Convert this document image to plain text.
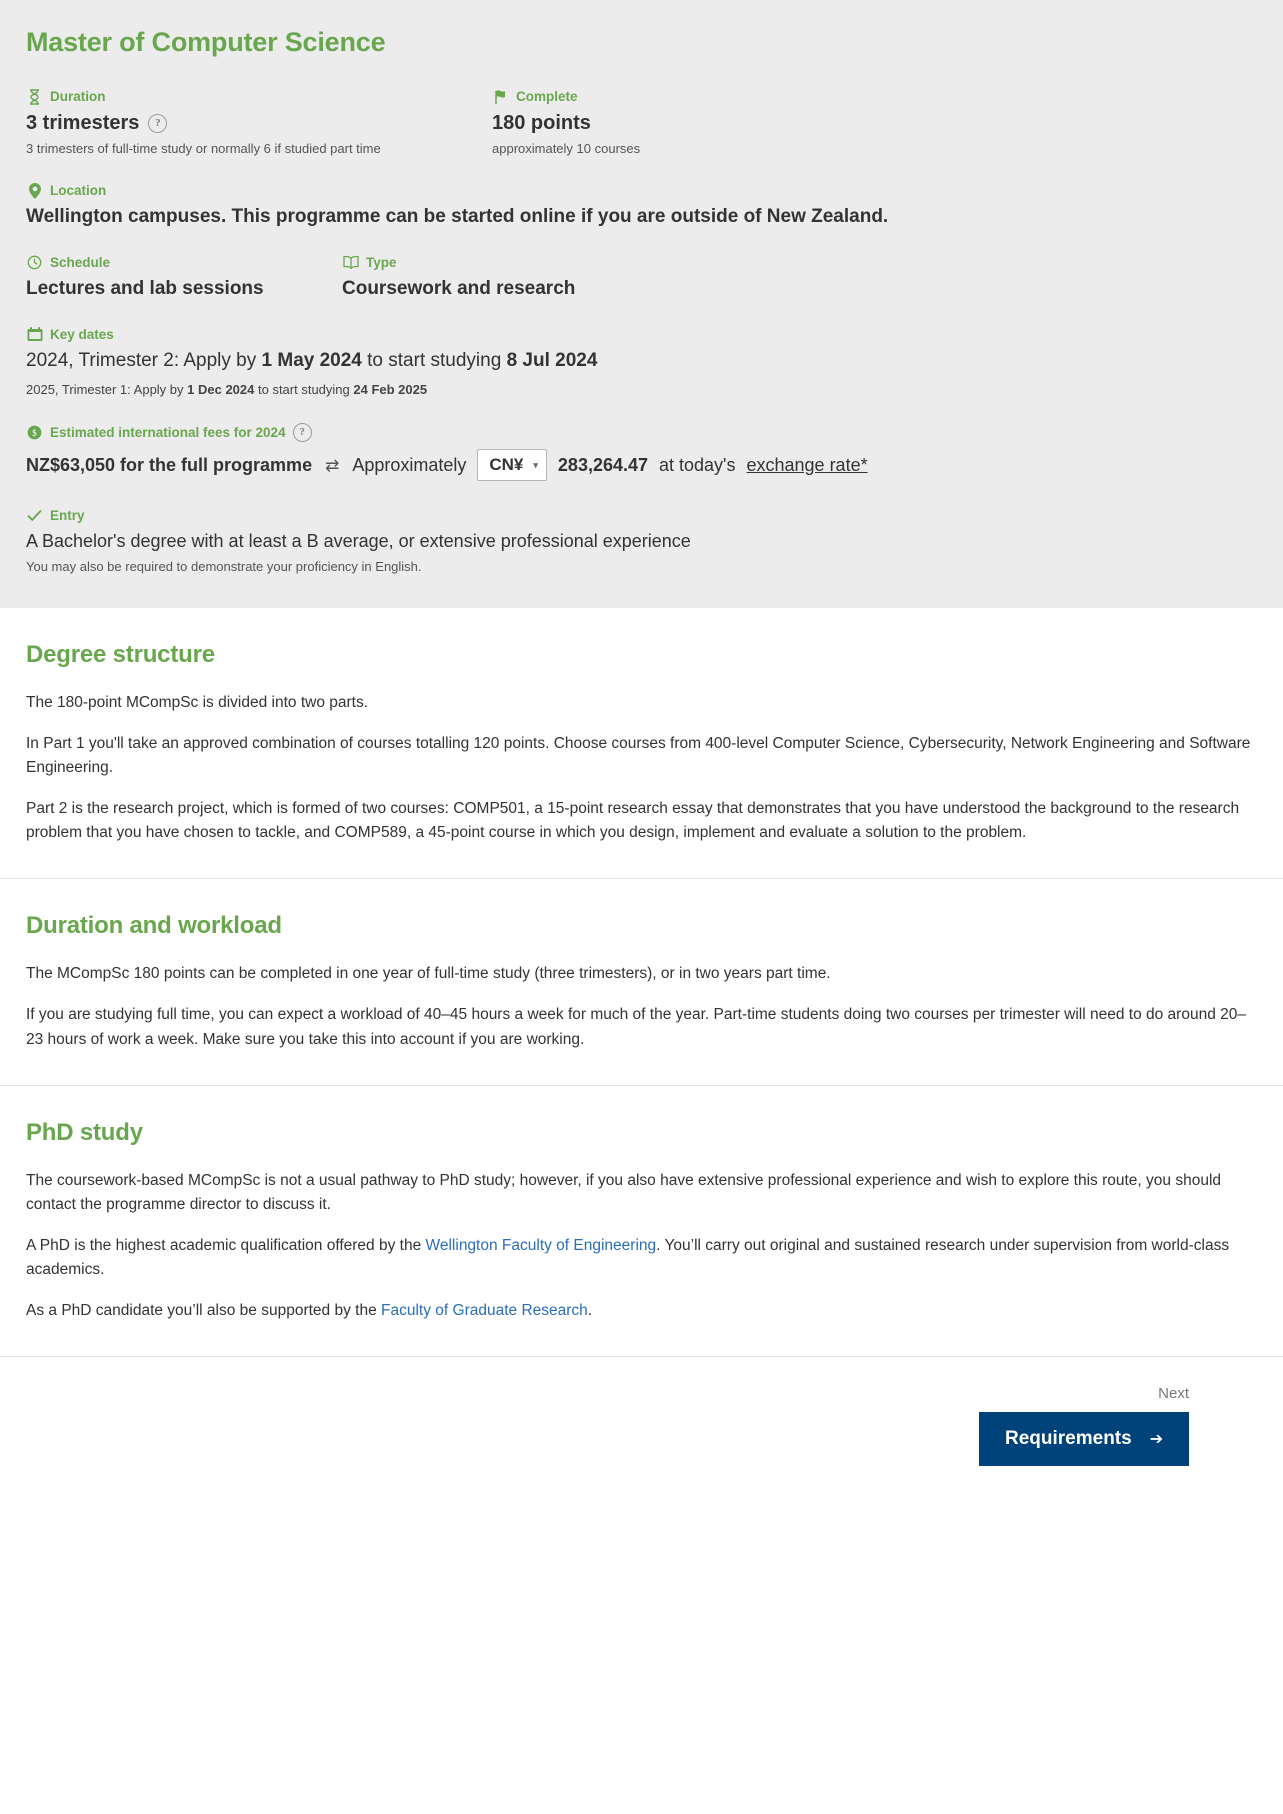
Master of Computer Science
Duration

3 trimesters	?

3 trimesters of full-time study or normally 6 if studied part time

Complete

180 points

approximately 10 courses

Location

Wellington campuses. This programme can be started online if you are outside of New Zealand.

Schedule

Lectures and lab sessions

Type

Coursework and research

Key dates

2024, Trimester 2: Apply by 1 May 2024 to start studying 8 Jul 2024

2025, Trimester 1: Apply by 1 Dec 2024 to start studying 24 Feb 2025

$ Estimated international fees for 2024	?
NZ$63,050 for the full programme ⇄ Approximately CN¥ ▾ 283,264.47 at today's exchange rate*
Entry

A Bachelor's degree with at least a B average, or extensive professional experience

You may also be required to demonstrate your proficiency in English.

Degree structure

The 180-point MCompSc is divided into two parts.

In Part 1 you'll take an approved combination of courses totalling 120 points. Choose courses from 400-level Computer Science, Cybersecurity, Network Engineering and Software Engineering.

Part 2 is the research project, which is formed of two courses: COMP501, a 15-point research essay that demonstrates that you have understood the background to the research problem that you have chosen to tackle, and COMP589, a 45-point course in which you design, implement and evaluate a solution to the problem.

Duration and workload

The MCompSc 180 points can be completed in one year of full-time study (three trimesters), or in two years part time.

If you are studying full time, you can expect a workload of 40–45 hours a week for much of the year. Part-time students doing two courses per trimester will need to do around 20–23 hours of work a week. Make sure you take this into account if you are working.

PhD study

The coursework-based MCompSc is not a usual pathway to PhD study; however, if you also have extensive professional experience and wish to explore this route, you should contact the programme director to discuss it.

A PhD is the highest academic qualification offered by the Wellington Faculty of Engineering. You’ll carry out original and sustained research under supervision from world-class academics.

As a PhD candidate you’ll also be supported by the Faculty of Graduate Research.

Next
Requirements ➔
